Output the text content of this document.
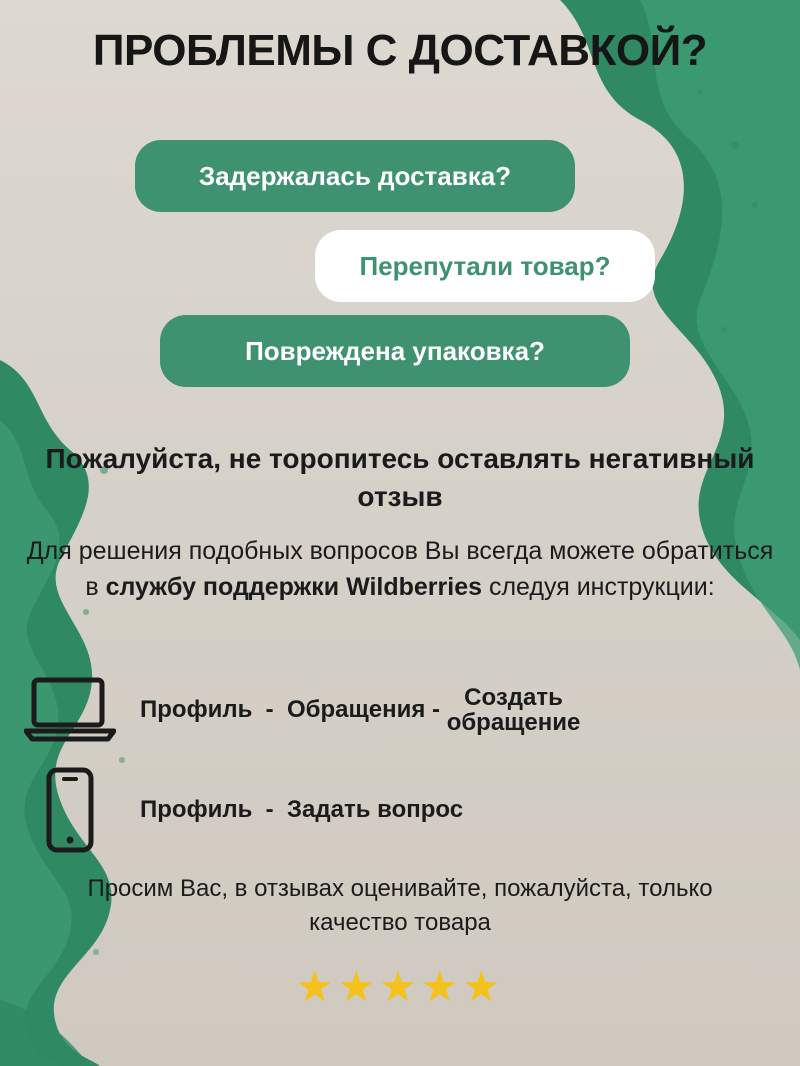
ПРОБЛЕМЫ С ДОСТАВКОЙ?
Задержалась доставка?
Перепутали товар?
Повреждена упаковка?
Пожалуйста, не торопитесь оставлять негативный отзыв
Для решения подобных вопросов Вы всегда можете обратиться в службу поддержки Wildberries следуя инструкции:
Профиль - Обращения - Создать
обращение
Профиль - Задать вопрос
Просим Вас, в отзывах оценивайте, пожалуйста, только качество товара
★★★★★
